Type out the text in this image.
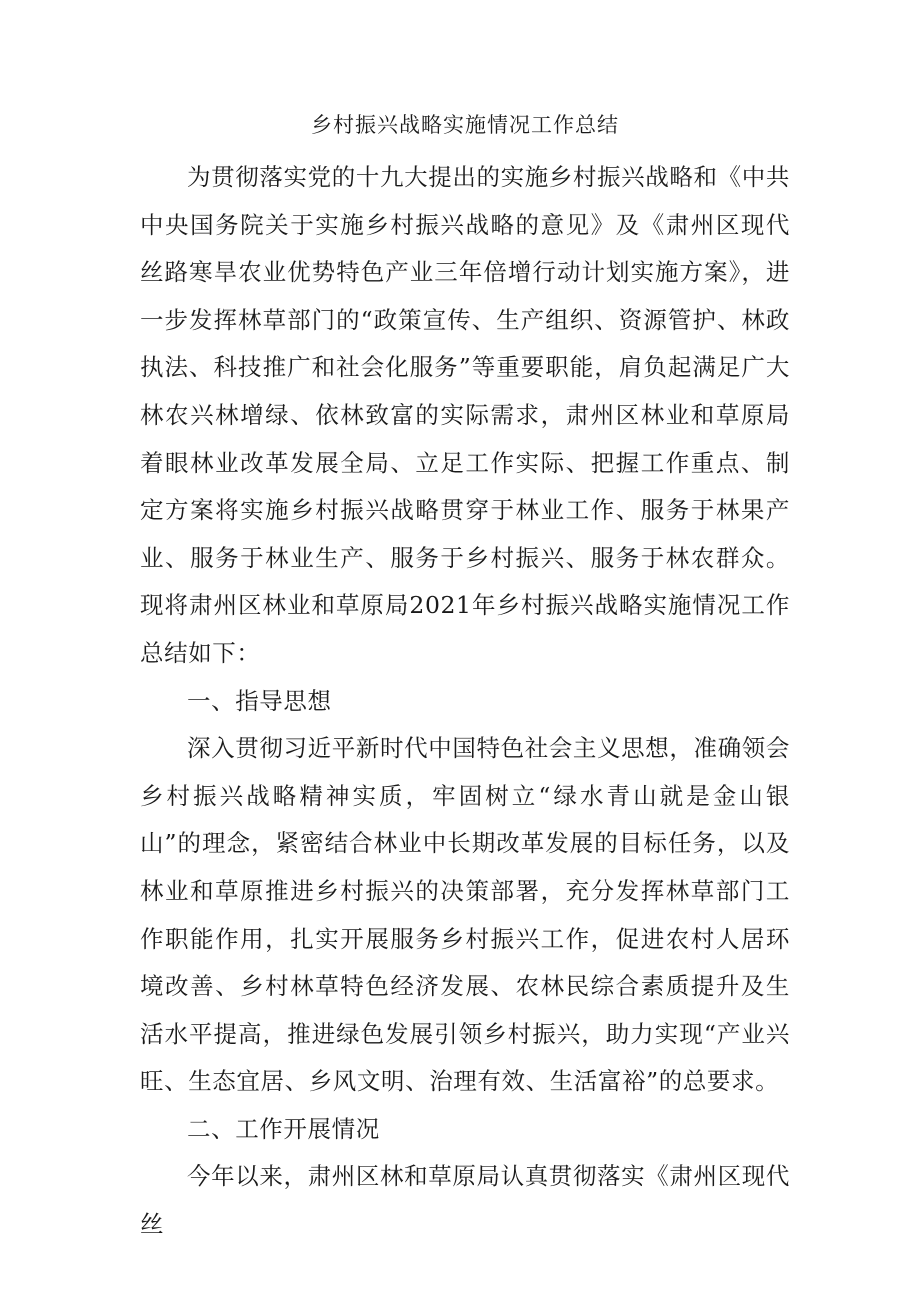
乡村振兴战略实施情况工作总结

为贯彻落实党的十九大提出的实施乡村振兴战略和《中共中央国务院关于实施乡村振兴战略的意见》及《肃州区现代丝路寒旱农业优势特色产业三年倍增行动计划实施方案》，进一步发挥林草部门的“政策宣传、生产组织、资源管护、林政执法、科技推广和社会化服务”等重要职能，肩负起满足广大林农兴林增绿、依林致富的实际需求，肃州区林业和草原局着眼林业改革发展全局、立足工作实际、把握工作重点、制定方案将实施乡村振兴战略贯穿于林业工作、服务于林果产业、服务于林业生产、服务于乡村振兴、服务于林农群众。现将肃州区林业和草原局2021年乡村振兴战略实施情况工作总结如下：

一、指导思想

深入贯彻习近平新时代中国特色社会主义思想，准确领会乡村振兴战略精神实质，牢固树立“绿水青山就是金山银山”的理念，紧密结合林业中长期改革发展的目标任务，以及林业和草原推进乡村振兴的决策部署，充分发挥林草部门工作职能作用，扎实开展服务乡村振兴工作，促进农村人居环境改善、乡村林草特色经济发展、农林民综合素质提升及生活水平提高，推进绿色发展引领乡村振兴，助力实现“产业兴旺、生态宜居、乡风文明、治理有效、生活富裕”的总要求。

二、工作开展情况

今年以来，肃州区林和草原局认真贯彻落实《肃州区现代丝
